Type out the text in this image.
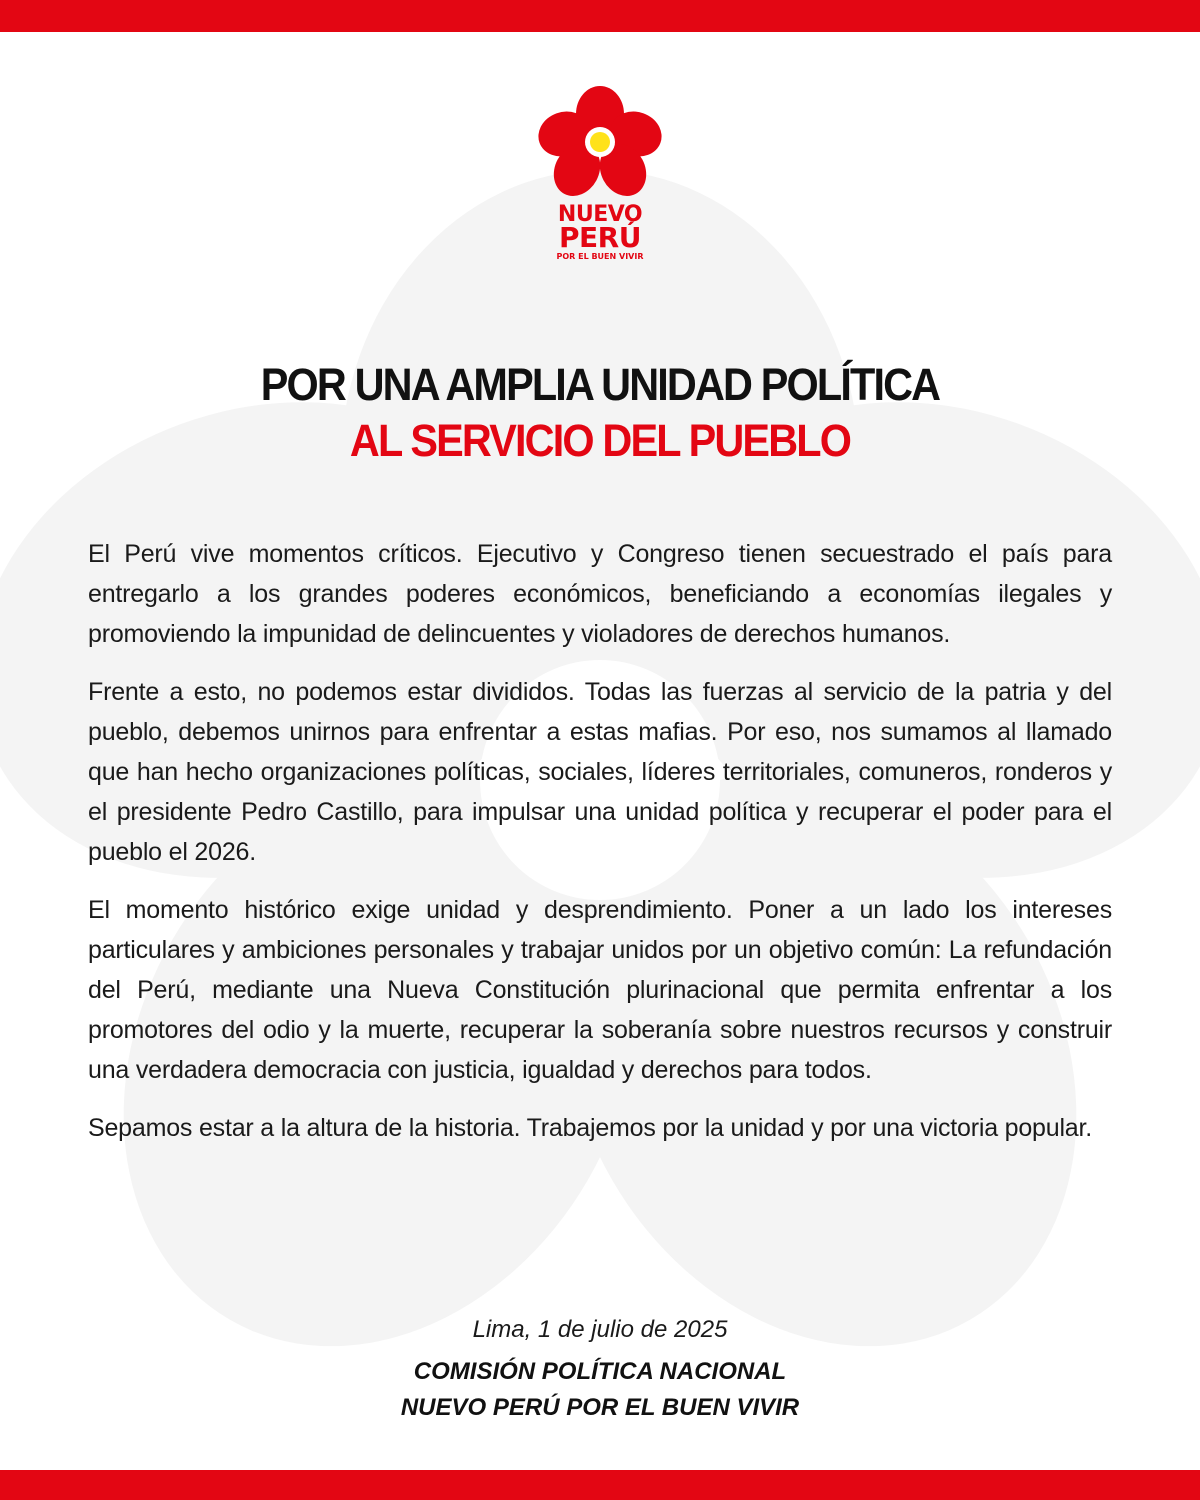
NUEVO
PERÚ
POR EL BUEN VIVIR
POR UNA AMPLIA UNIDAD POLÍTICA
AL SERVICIO DEL PUEBLO

El Perú vive momentos críticos. Ejecutivo y Congreso tienen secuestrado el país para entregarlo a los grandes poderes económicos, beneficiando a economías ilegales y promoviendo la impunidad de delincuentes y violadores de derechos humanos.

Frente a esto, no podemos estar divididos. Todas las fuerzas al servicio de la patria y del pueblo, debemos unirnos para enfrentar a estas mafias. Por eso, nos sumamos al llamado que han hecho organizaciones políticas, sociales, líderes territoriales, comuneros, ronderos y el presidente Pedro Castillo, para impulsar una unidad política y recuperar el poder para el pueblo el 2026.

El momento histórico exige unidad y desprendimiento. Poner a un lado los intereses particulares y ambiciones personales y trabajar unidos por un objetivo común: La refundación del Perú, mediante una Nueva Constitución plurinacional que permita enfrentar a los promotores del odio y la muerte, recuperar la soberanía sobre nuestros recursos y construir una verdadera democracia con justicia, igualdad y derechos para todos.

Sepamos estar a la altura de la historia. Trabajemos por la unidad y por una victoria popular.

Lima, 1 de julio de 2025
COMISIÓN POLÍTICA NACIONAL
NUEVO PERÚ POR EL BUEN VIVIR
